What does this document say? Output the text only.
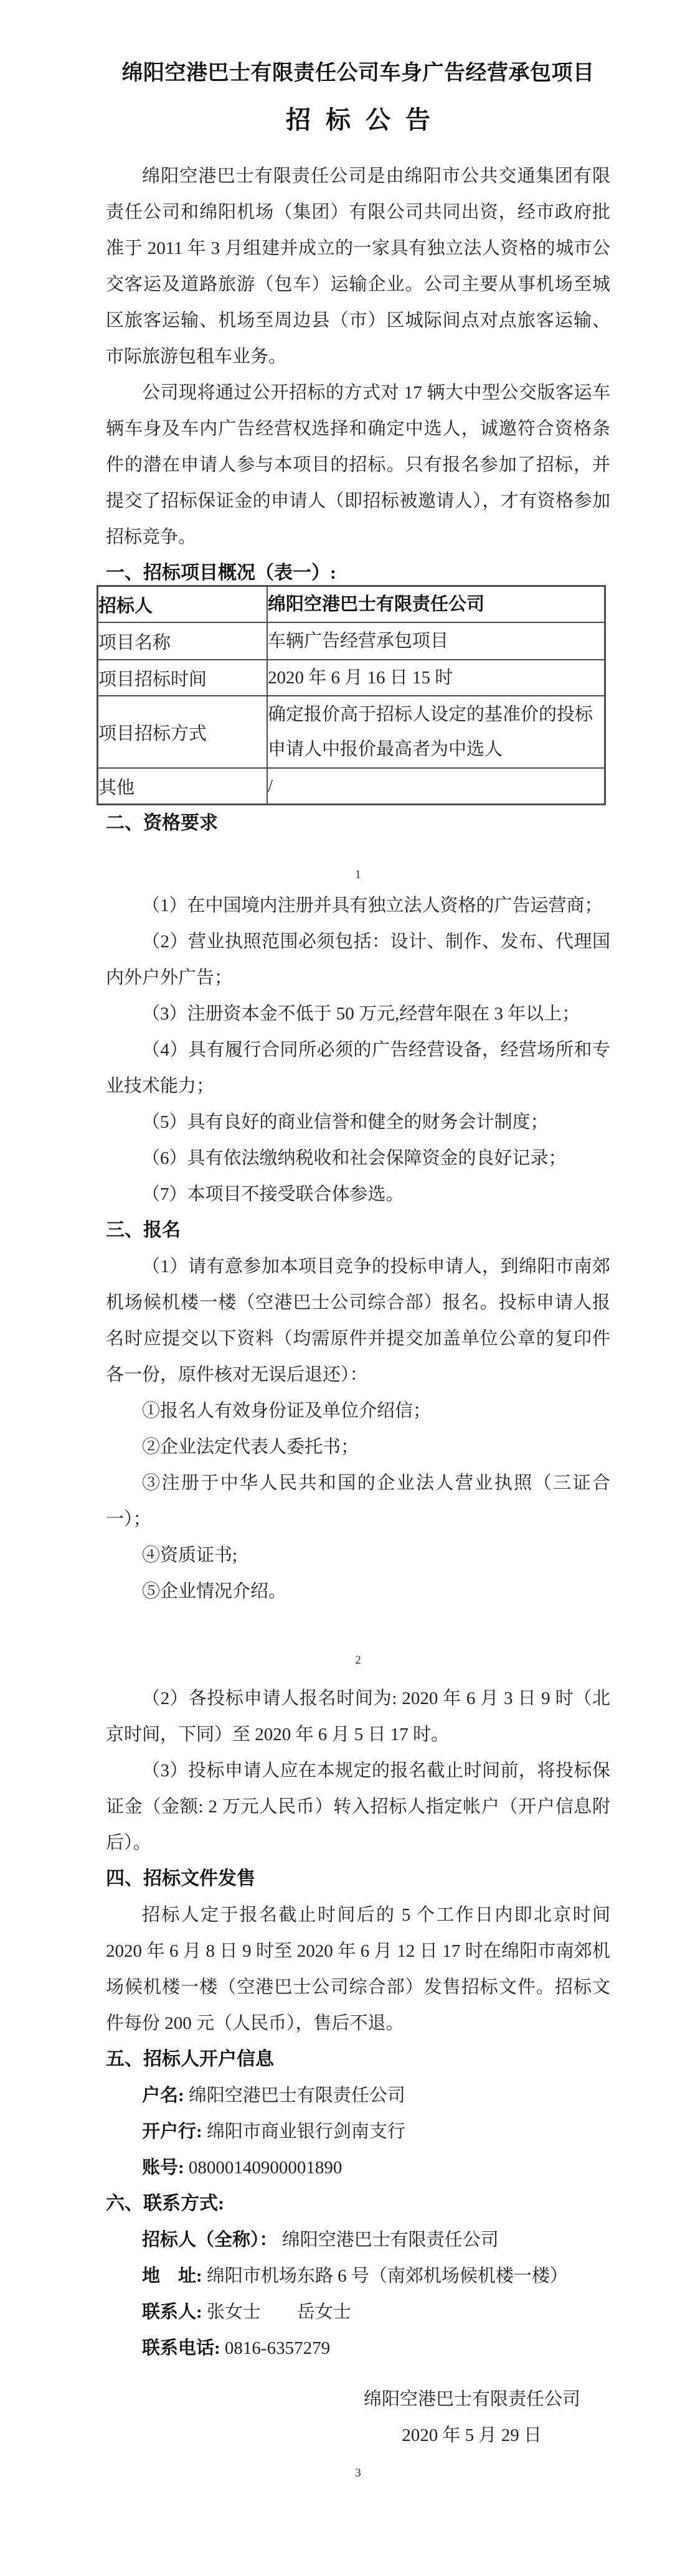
绵阳空港巴士有限责任公司车身广告经营承包项目
招标公告

绵阳空港巴士有限责任公司是由绵阳市公共交通集团有限责任公司和绵阳机场（集团）有限公司共同出资，经市政府批准于 2011 年 3 月组建并成立的一家具有独立法人资格的城市公交客运及道路旅游（包车）运输企业。公司主要从事机场至城区旅客运输、机场至周边县（市）区城际间点对点旅客运输、市际旅游包租车业务。

公司现将通过公开招标的方式对 17 辆大中型公交版客运车辆车身及车内广告经营权选择和确定中选人，诚邀符合资格条件的潜在申请人参与本项目的招标。只有报名参加了招标，并提交了招标保证金的申请人（即招标被邀请人），才有资格参加招标竞争。

一、招标项目概况（表一）:
招标人	绵阳空港巴士有限责任公司
项目名称	车辆广告经营承包项目
项目招标时间	2020 年 6 月 16 日 15 时
项目招标方式	确定报价高于招标人设定的基准价的投标申请人中报价最高者为中选人
其他	/
二、资格要求
1

（1）在中国境内注册并具有独立法人资格的广告运营商；

（2）营业执照范围必须包括：设计、制作、发布、代理国内外户外广告；

（3）注册资本金不低于 50 万元,经营年限在 3 年以上；

（4）具有履行合同所必须的广告经营设备，经营场所和专业技术能力；

（5）具有良好的商业信誉和健全的财务会计制度；

（6）具有依法缴纳税收和社会保障资金的良好记录；

（7）本项目不接受联合体参选。

三、报名

（1）请有意参加本项目竞争的投标申请人，到绵阳市南郊机场候机楼一楼（空港巴士公司综合部）报名。投标申请人报名时应提交以下资料（均需原件并提交加盖单位公章的复印件各一份，原件核对无误后退还）：

①报名人有效身份证及单位介绍信；

②企业法定代表人委托书；

③注册于中华人民共和国的企业法人营业执照（三证合一）；

④资质证书;

⑤企业情况介绍。

2

（2）各投标申请人报名时间为: 2020 年 6 月 3 日 9 时（北京时间，下同）至 2020 年 6 月 5 日 17 时。

（3）投标申请人应在本规定的报名截止时间前，将投标保证金（金额: 2 万元人民币）转入招标人指定帐户（开户信息附后）。

四、招标文件发售

招标人定于报名截止时间后的 5 个工作日内即北京时间 2020 年 6 月 8 日 9 时至 2020 年 6 月 12 日 17 时在绵阳市南郊机场候机楼一楼（空港巴士公司综合部）发售招标文件。招标文件每份 200 元（人民币），售后不退。

五、招标人开户信息

户名: 绵阳空港巴士有限责任公司

开户行: 绵阳市商业银行剑南支行

账号: 08000140900001890

六、联系方式:

招标人（全称）： 绵阳空港巴士有限责任公司

地　址: 绵阳市机场东路 6 号（南郊机场候机楼一楼）

联系人: 张女士　　岳女士

联系电话: 0816-6357279

绵阳空港巴士有限责任公司
2020 年 5 月 29 日
3
